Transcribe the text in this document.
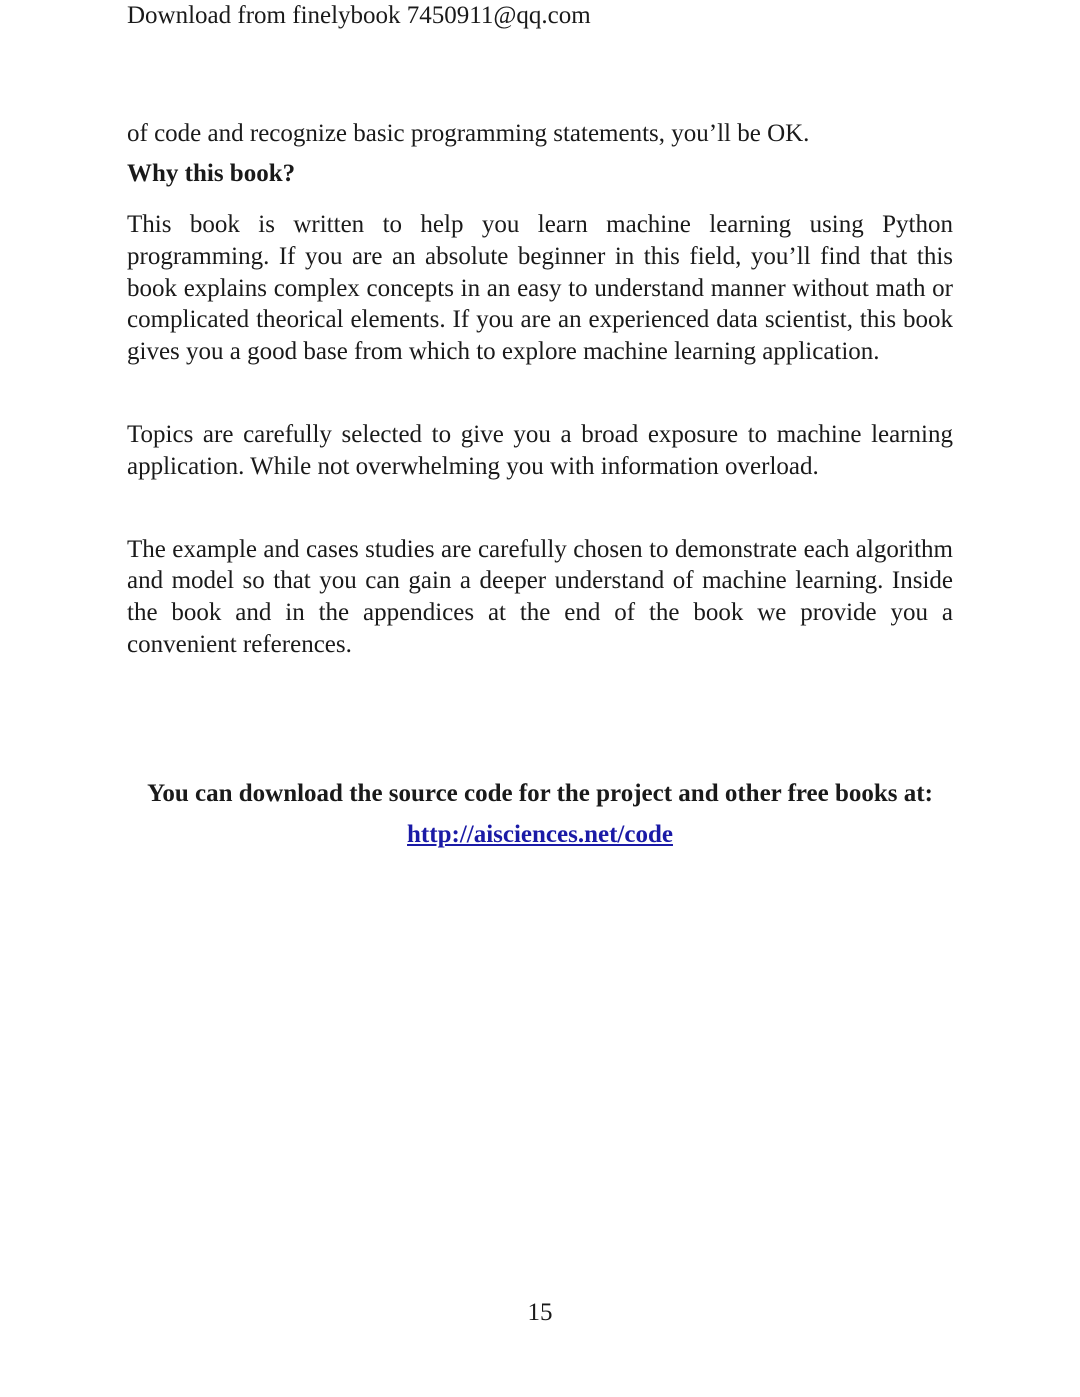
Download from finelybook 7450911@qq.com

of code and recognize basic programming statements, you’ll be OK.

Why this book?

This book is written to help you learn machine learning using Python programming. If you are an absolute beginner in this field, you’ll find that this book explains complex concepts in an easy to understand manner without math or complicated theorical elements. If you are an experienced data scientist, this book gives you a good base from which to explore machine learning application.

Topics are carefully selected to give you a broad exposure to machine learning application. While not overwhelming you with information overload.

The example and cases studies are carefully chosen to demonstrate each algorithm and model so that you can gain a deeper understand of machine learning. Inside the book and in the appendices at the end of the book we provide you a convenient references.

You can download the source code for the project and other free books at:
http://aisciences.net/code
15
